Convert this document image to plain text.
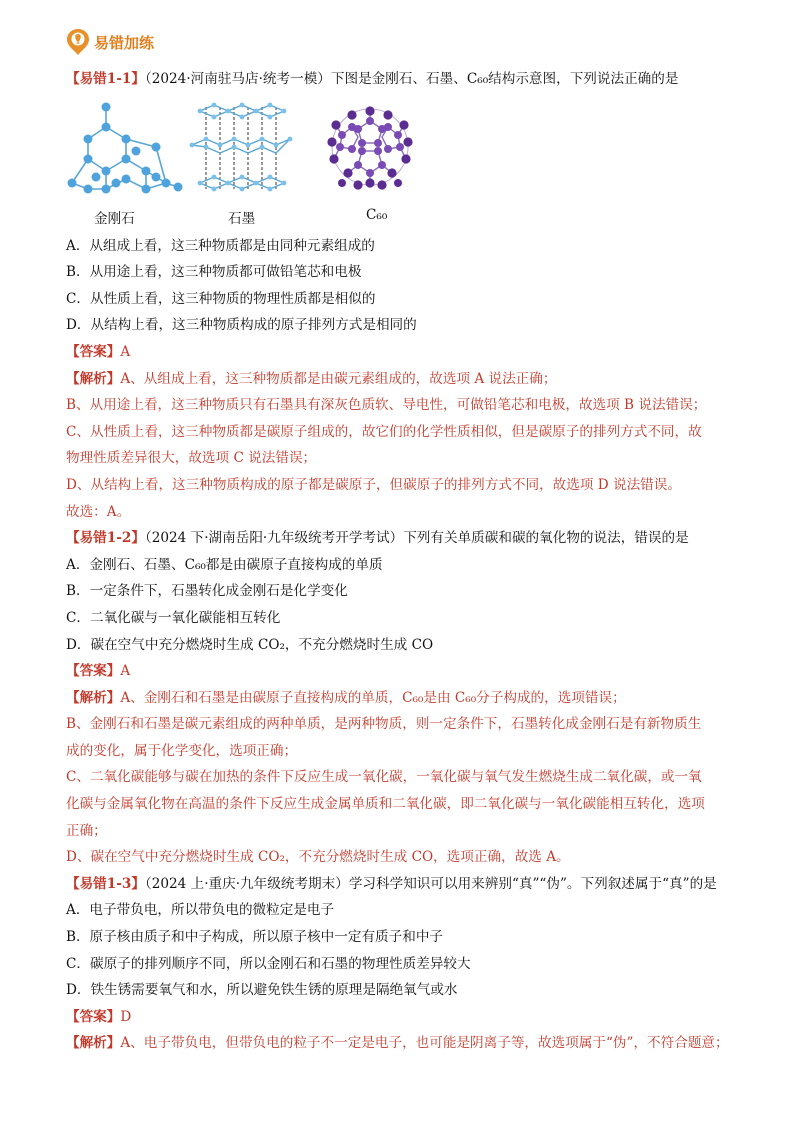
易错加练
【易错1-1】（2024·河南驻马店·统考一模）下图是金刚石、石墨、C₆₀结构示意图，下列说法正确的是
金刚石	石墨	C₆₀
A．从组成上看，这三种物质都是由同种元素组成的
B．从用途上看，这三种物质都可做铅笔芯和电极
C．从性质上看，这三种物质的物理性质都是相似的
D．从结构上看，这三种物质构成的原子排列方式是相同的
【答案】A
【解析】A、从组成上看，这三种物质都是由碳元素组成的，故选项 A 说法正确；
B、从用途上看，这三种物质只有石墨具有深灰色质软、导电性，可做铅笔芯和电极，故选项 B 说法错误；
C、从性质上看，这三种物质都是碳原子组成的，故它们的化学性质相似，但是碳原子的排列方式不同，故
物理性质差异很大，故选项 C 说法错误；
D、从结构上看，这三种物质构成的原子都是碳原子，但碳原子的排列方式不同，故选项 D 说法错误。
故选：A。
【易错1-2】（2024 下·湖南岳阳·九年级统考开学考试）下列有关单质碳和碳的氧化物的说法，错误的是
A．金刚石、石墨、C₆₀都是由碳原子直接构成的单质
B．一定条件下，石墨转化成金刚石是化学变化
C．二氧化碳与一氧化碳能相互转化
D．碳在空气中充分燃烧时生成 CO₂，不充分燃烧时生成 CO
【答案】A
【解析】A、金刚石和石墨是由碳原子直接构成的单质，C₆₀是由 C₆₀分子构成的，选项错误；
B、金刚石和石墨是碳元素组成的两种单质，是两种物质，则一定条件下，石墨转化成金刚石是有新物质生
成的变化，属于化学变化，选项正确；
C、二氧化碳能够与碳在加热的条件下反应生成一氧化碳，一氧化碳与氧气发生燃烧生成二氧化碳，或一氧
化碳与金属氧化物在高温的条件下反应生成金属单质和二氧化碳，即二氧化碳与一氧化碳能相互转化，选项
正确；
D、碳在空气中充分燃烧时生成 CO₂，不充分燃烧时生成 CO，选项正确，故选 A。
【易错1-3】（2024 上·重庆·九年级统考期末）学习科学知识可以用来辨别“真”“伪”。下列叙述属于“真”的是
A．电子带负电，所以带负电的微粒定是电子
B．原子核由质子和中子构成，所以原子核中一定有质子和中子
C．碳原子的排列顺序不同，所以金刚石和石墨的物理性质差异较大
D．铁生锈需要氧气和水，所以避免铁生锈的原理是隔绝氧气或水
【答案】D
【解析】A、电子带负电，但带负电的粒子不一定是电子，也可能是阴离子等，故选项属于“伪”，不符合题意；
